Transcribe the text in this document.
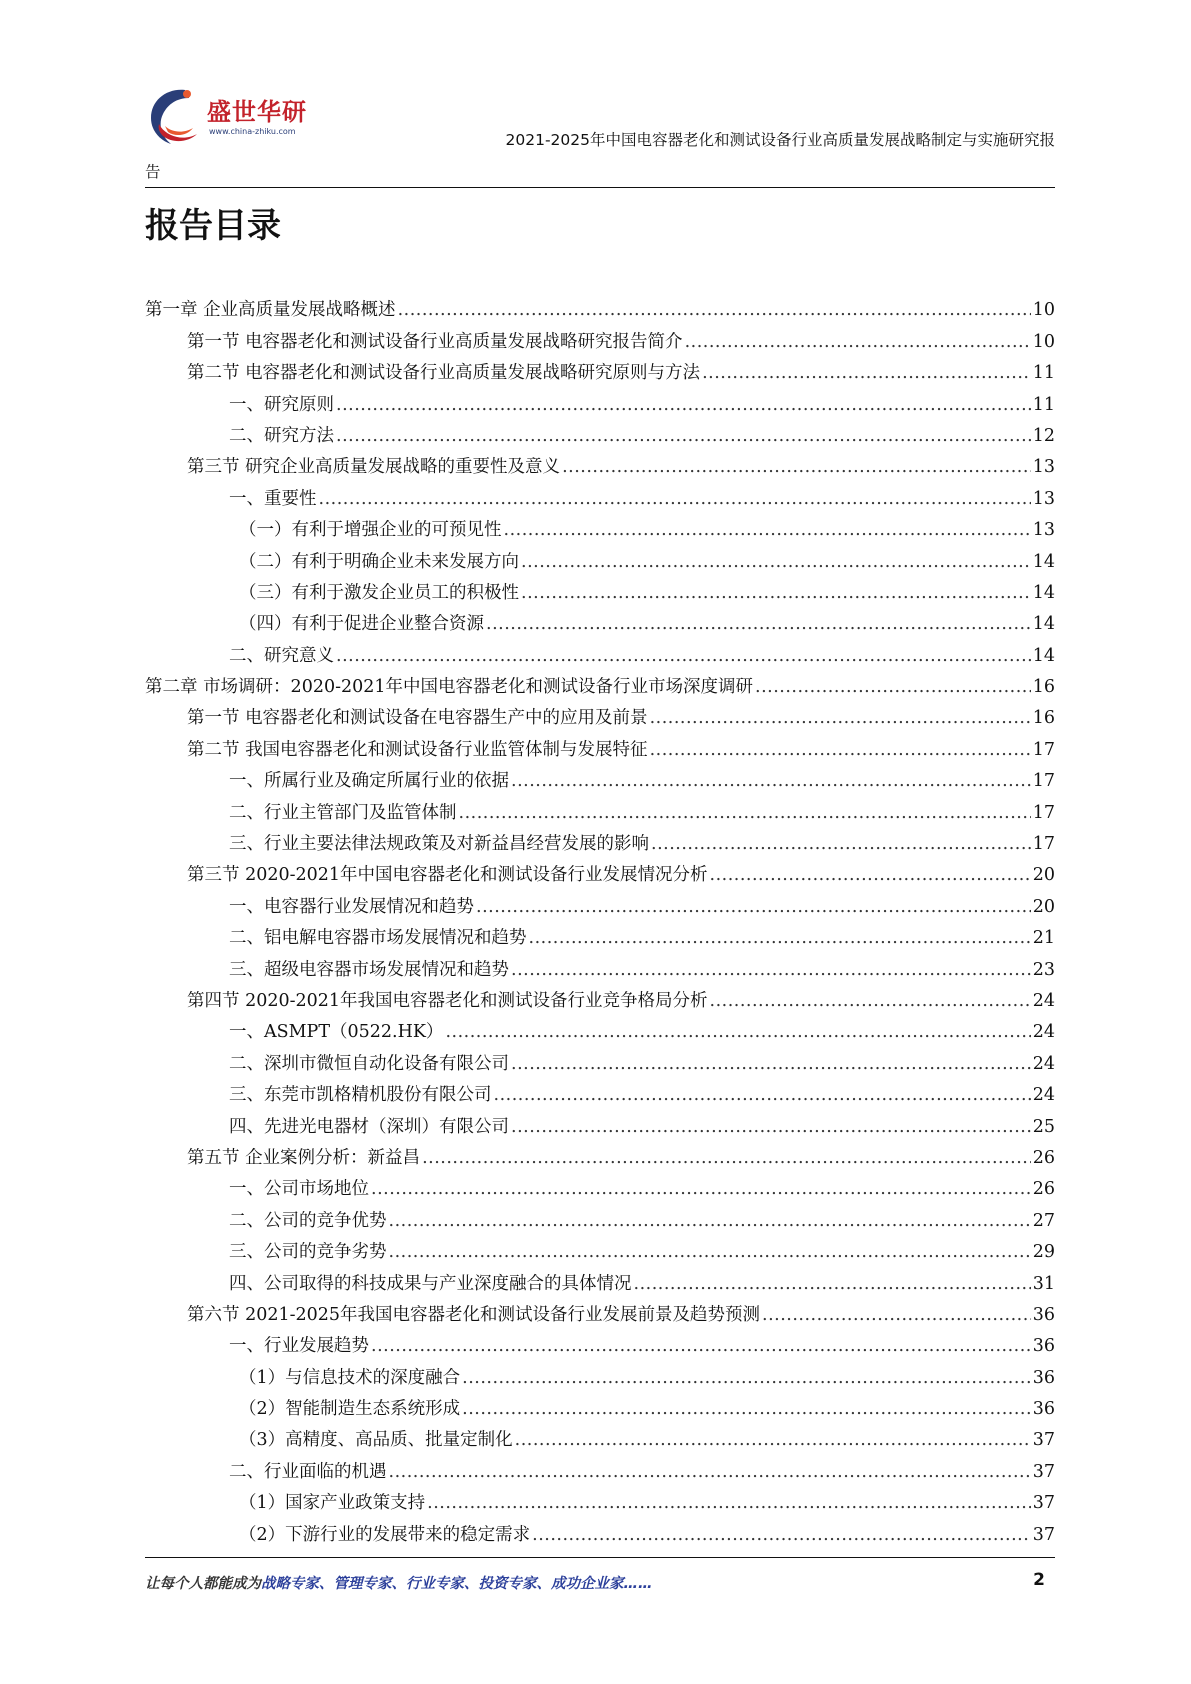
盛世华研
www.china-zhiku.com	2021-2025年中国电容器老化和测试设备行业高质量发展战略制定与实施研究报
告
报告目录
第一章 企业高质量发展战略概述 .....	10
第一节 电容器老化和测试设备行业高质量发展战略研究报告简介 .....	10
第二节 电容器老化和测试设备行业高质量发展战略研究原则与方法 .....	11
一、研究原则 .....	11
二、研究方法 .....	12
第三节 研究企业高质量发展战略的重要性及意义 .....	13
一、重要性 .....	13
（一）有利于增强企业的可预见性 .....	13
（二）有利于明确企业未来发展方向 .....	14
（三）有利于激发企业员工的积极性 .....	14
（四）有利于促进企业整合资源 .....	14
二、研究意义 .....	14
第二章 市场调研：2020-2021年中国电容器老化和测试设备行业市场深度调研 .....	16
第一节 电容器老化和测试设备在电容器生产中的应用及前景 .....	16
第二节 我国电容器老化和测试设备行业监管体制与发展特征 .....	17
一、所属行业及确定所属行业的依据 .....	17
二、行业主管部门及监管体制 .....	17
三、行业主要法律法规政策及对新益昌经营发展的影响 .....	17
第三节 2020-2021年中国电容器老化和测试设备行业发展情况分析 .....	20
一、电容器行业发展情况和趋势 .....	20
二、铝电解电容器市场发展情况和趋势 .....	21
三、超级电容器市场发展情况和趋势 .....	23
第四节 2020-2021年我国电容器老化和测试设备行业竞争格局分析 .....	24
一、ASMPT（0522.HK） .....	24
二、深圳市微恒自动化设备有限公司 .....	24
三、东莞市凯格精机股份有限公司 .....	24
四、先进光电器材（深圳）有限公司 .....	25
第五节 企业案例分析：新益昌 .....	26
一、公司市场地位 .....	26
二、公司的竞争优势 .....	27
三、公司的竞争劣势 .....	29
四、公司取得的科技成果与产业深度融合的具体情况 .....	31
第六节 2021-2025年我国电容器老化和测试设备行业发展前景及趋势预测 .....	36
一、行业发展趋势 .....	36
（1）与信息技术的深度融合 .....	36
（2）智能制造生态系统形成 .....	36
（3）高精度、高品质、批量定制化 .....	37
二、行业面临的机遇 .....	37
（1）国家产业政策支持 .....	37
（2）下游行业的发展带来的稳定需求 .....	37
让每个人都能成为战略专家、管理专家、行业专家、投资专家、成功企业家……	2
